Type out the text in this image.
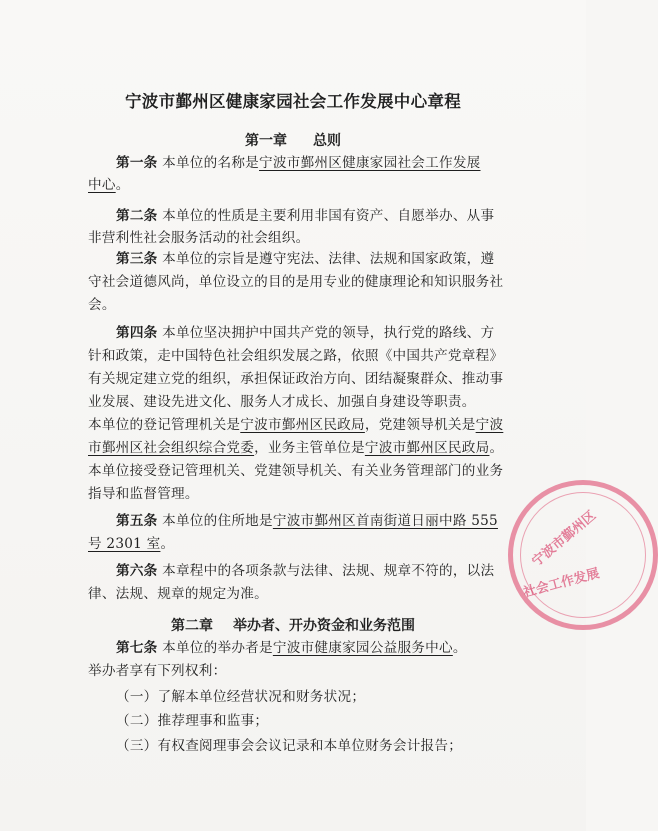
宁波市鄞州区健康家园社会工作发展中心章程
第一章 总则
第一条 本单位的名称是宁波市鄞州区健康家园社会工作发展
中心。
第二条 本单位的性质是主要利用非国有资产、自愿举办、从事
非营利性社会服务活动的社会组织。
第三条 本单位的宗旨是遵守宪法、法律、法规和国家政策，遵
守社会道德风尚，单位设立的目的是用专业的健康理论和知识服务社
会。
第四条 本单位坚决拥护中国共产党的领导，执行党的路线、方
针和政策，走中国特色社会组织发展之路，依照《中国共产党章程》
有关规定建立党的组织，承担保证政治方向、团结凝聚群众、推动事
业发展、建设先进文化、服务人才成长、加强自身建设等职责。
本单位的登记管理机关是宁波市鄞州区民政局，党建领导机关是宁波
市鄞州区社会组织综合党委，业务主管单位是宁波市鄞州区民政局。
本单位接受登记管理机关、党建领导机关、有关业务管理部门的业务
指导和监督管理。
第五条 本单位的住所地是宁波市鄞州区首南街道日丽中路 555
号 2301 室。
第六条 本章程中的各项条款与法律、法规、规章不符的，以法
律、法规、规章的规定为准。
第二章 举办者、开办资金和业务范围
第七条 本单位的举办者是宁波市健康家园公益服务中心。
举办者享有下列权利：
（一）了解本单位经营状况和财务状况；
（二）推荐理事和监事；
（三）有权查阅理事会会议记录和本单位财务会计报告；
宁波市鄞州区
社会工作发展
